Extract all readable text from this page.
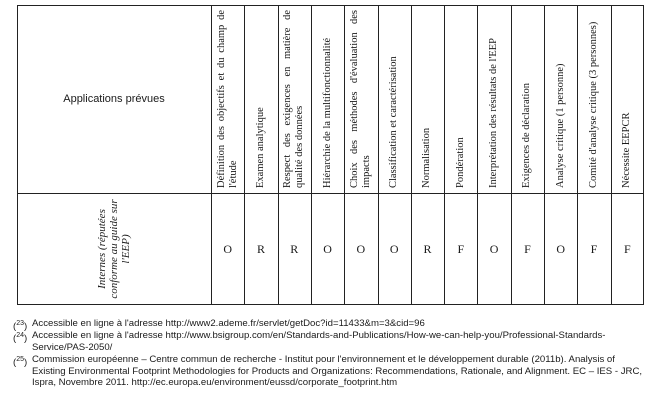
Applications prévues
Internes (réputées conforme au guide sur l'EEP)
Définition des objectifs et du champ de l'étude
O
Examen analytique
R
Respect des exigences en matière de qualité des données
R
Hiérarchie de la multifonctionnalité
O
Choix des méthodes d'évaluation des impacts
O
Classification et caractérisation
O
Normalisation
R
Pondération
F
Interprétation des résultats de l'EEP
O
Exigences de déclaration
F
Analyse critique (1 personne)
O
Comité d'analyse critique (3 personnes)
F
Nécessite EEPCR
F
($^{23}$) Accessible en ligne à l'adresse http://www2.ademe.fr/servlet/getDoc?id=11433&m=3&cid=96
($^{24}$) Accessible en ligne à l'adresse http://www.bsigroup.com/en/Standards-and-Publications/How-we-can-help-you/Professional-Standards-Service/PAS-2050/
($^{25}$) Commission européenne – Centre commun de recherche - Institut pour l'environnement et le développement durable (2011b). Analysis of Existing Environmental Footprint Methodologies for Products and Organizations: Recommendations, Rationale, and Alignment. EC – IES - JRC, Ispra, Novembre 2011. http://ec.europa.eu/environment/eussd/corporate_footprint.htm
